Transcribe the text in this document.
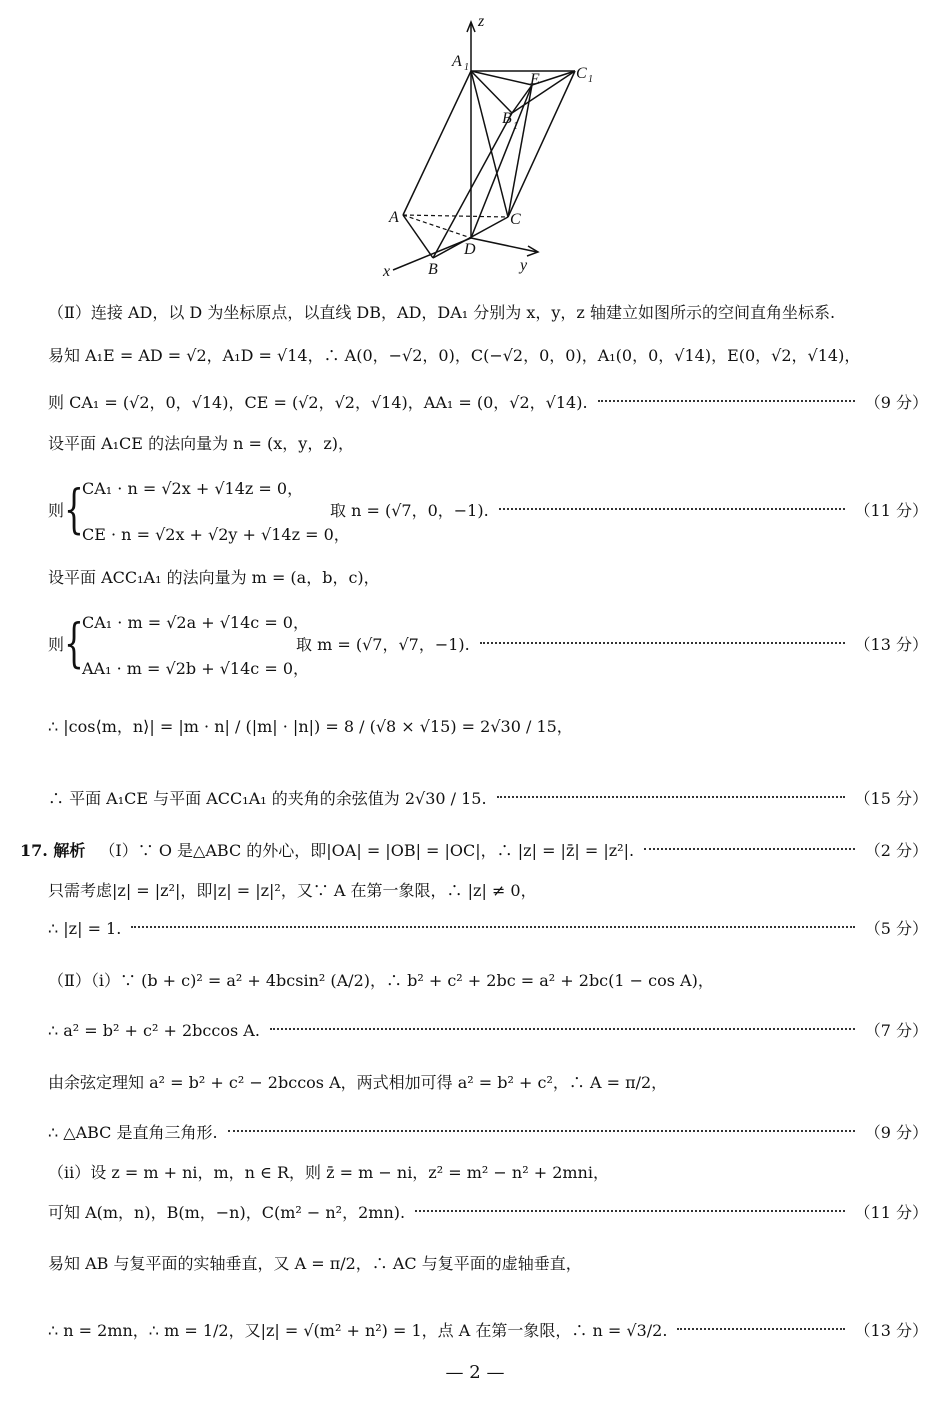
z
x	y
A 1	C 1
E
B 1
A	C
D
B
（Ⅱ）连接 AD，以 D 为坐标原点，以直线 DB，AD，DA₁ 分别为 x，y，z 轴建立如图所示的空间直角坐标系.
易知 A₁E = AD = √2，A₁D = √14，∴ A(0，−√2，0)，C(−√2，0，0)，A₁(0，0，√14)，E(0，√2，√14)，
则 CA₁ = (√2，0，√14)，CE = (√2，√2，√14)，AA₁ = (0，√2，√14).	（9 分）
设平面 A₁CE 的法向量为 n = (x，y，z)，
则 {
CA₁ · n = √2x + √14z = 0，
CE · n = √2x + √2y + √14z = 0，
取 n = (√7，0，−1).	（11 分）
设平面 ACC₁A₁ 的法向量为 m = (a，b，c)，
则 {
CA₁ · m = √2a + √14c = 0，
AA₁ · m = √2b + √14c = 0，
取 m = (√7，√7，−1).	（13 分）
∴ |cos⟨m，n⟩| = |m · n| / (|m| · |n|) = 8 / (√8 × √15) = 2√30 / 15，
∴ 平面 A₁CE 与平面 ACC₁A₁ 的夹角的余弦值为 2√30 / 15.	（15 分）
17. 解析 （Ⅰ）∵ O 是△ABC 的外心，即|OA| = |OB| = |OC|，∴ |z| = |z̄| = |z²|.	（2 分）
只需考虑|z| = |z²|，即|z| = |z|²，又∵ A 在第一象限，∴ |z| ≠ 0，
∴ |z| = 1.	（5 分）
（Ⅱ）（ⅰ）∵ (b + c)² = a² + 4bcsin² (A/2)，∴ b² + c² + 2bc = a² + 2bc(1 − cos A)，
∴ a² = b² + c² + 2bccos A.	（7 分）
由余弦定理知 a² = b² + c² − 2bccos A，两式相加可得 a² = b² + c²，∴ A = π/2，
∴ △ABC 是直角三角形.	（9 分）
（ⅱ）设 z = m + ni，m，n ∈ R，则 z̄ = m − ni，z² = m² − n² + 2mni，
可知 A(m，n)，B(m，−n)，C(m² − n²，2mn).	（11 分）
易知 AB 与复平面的实轴垂直，又 A = π/2，∴ AC 与复平面的虚轴垂直，
∴ n = 2mn，∴ m = 1/2，又|z| = √(m² + n²) = 1，点 A 在第一象限，∴ n = √3/2.	（13 分）
— 2 —
